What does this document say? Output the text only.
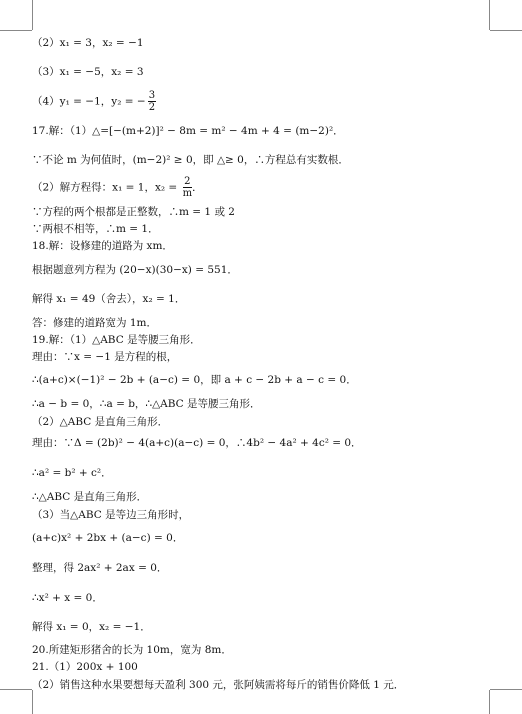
（2）x₁ = 3，x₂ = −1
（3）x₁ = −5，x₂ = 3
（4）y₁ = −1，y₂ = − $\frac{3}{2}$
17.解：（1）△=[−(m+2)]² − 8m = m² − 4m + 4 = (m−2)²．
∵不论 m 为何值时，(m−2)² ≥ 0，即 △≥ 0，∴方程总有实数根．
（2）解方程得：x₁ = 1，$x_2 = \frac{2}{m}$ ．
∵方程的两个根都是正整数，∴m = 1 或 2
∵两根不相等，∴m = 1．
18.解：设修建的道路为 xm．
根据题意列方程为 (20−x)(30−x) = 551．
解得 x₁ = 49（舍去），x₂ = 1．
答：修建的道路宽为 1m．
19.解：（1）△ABC 是等腰三角形．
理由：∵x = −1 是方程的根，
∴(a+c)×(−1)² − 2b + (a−c) = 0，即 a + c − 2b + a − c = 0．
∴a − b = 0，∴a = b，∴△ABC 是等腰三角形．
（2）△ABC 是直角三角形．
理由：∵Δ = (2b)² − 4(a+c)(a−c) = 0，∴4b² − 4a² + 4c² = 0．
∴a² = b² + c²．
∴△ABC 是直角三角形．
（3）当△ABC 是等边三角形时，
(a+c)x² + 2bx + (a−c) = 0．
整理，得 2ax² + 2ax = 0．
∴x² + x = 0．
解得 x₁ = 0，x₂ = −1．
20.所建矩形猪舍的长为 10m，宽为 8m．
21.（1）200x + 100
（2）销售这种水果要想每天盈利 300 元，张阿姨需将每斤的销售价降低 1 元．
